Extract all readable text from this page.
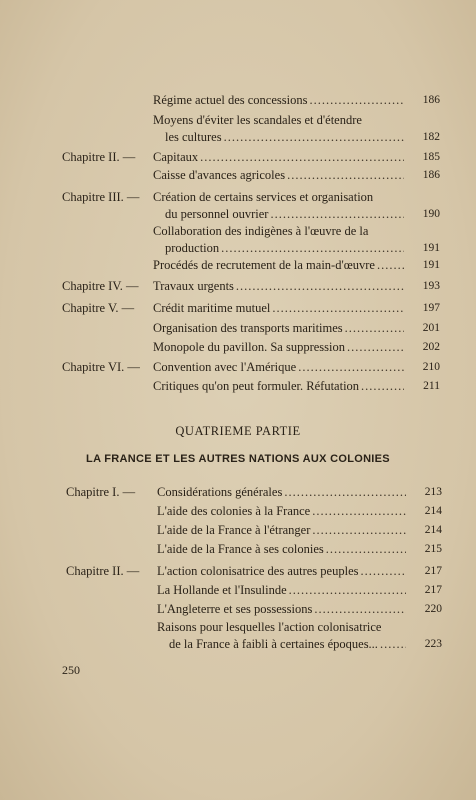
Régime actuel des concessions .....	186
Moyens d'éviter les scandales et d'étendre
les cultures .....	182
Chapitre II. — Capitaux .....	185
Caisse d'avances agricoles .....	186
Chapitre III. — Création de certains services et organisation
du personnel ouvrier .....	190
Collaboration des indigènes à l'œuvre de la
production .....	191
Procédés de recrutement de la main-d'œuvre .....	191
Chapitre IV. — Travaux urgents .....	193
Chapitre V. — Crédit maritime mutuel .....	197
Organisation des transports maritimes .....	201
Monopole du pavillon. Sa suppression .....	202
Chapitre VI. — Convention avec l'Amérique .....	210
Critiques qu'on peut formuler. Réfutation .....	211
QUATRIEME PARTIE
LA FRANCE ET LES AUTRES NATIONS AUX COLONIES
Chapitre I. — Considérations générales .....	213
L'aide des colonies à la France .....	214
L'aide de la France à l'étranger .....	214
L'aide de la France à ses colonies .....	215
Chapitre II. — L'action colonisatrice des autres peuples .....	217
La Hollande et l'Insulinde .....	217
L'Angleterre et ses possessions .....	220
Raisons pour lesquelles l'action colonisatrice
de la France à faibli à certaines époques... .....	223
250
